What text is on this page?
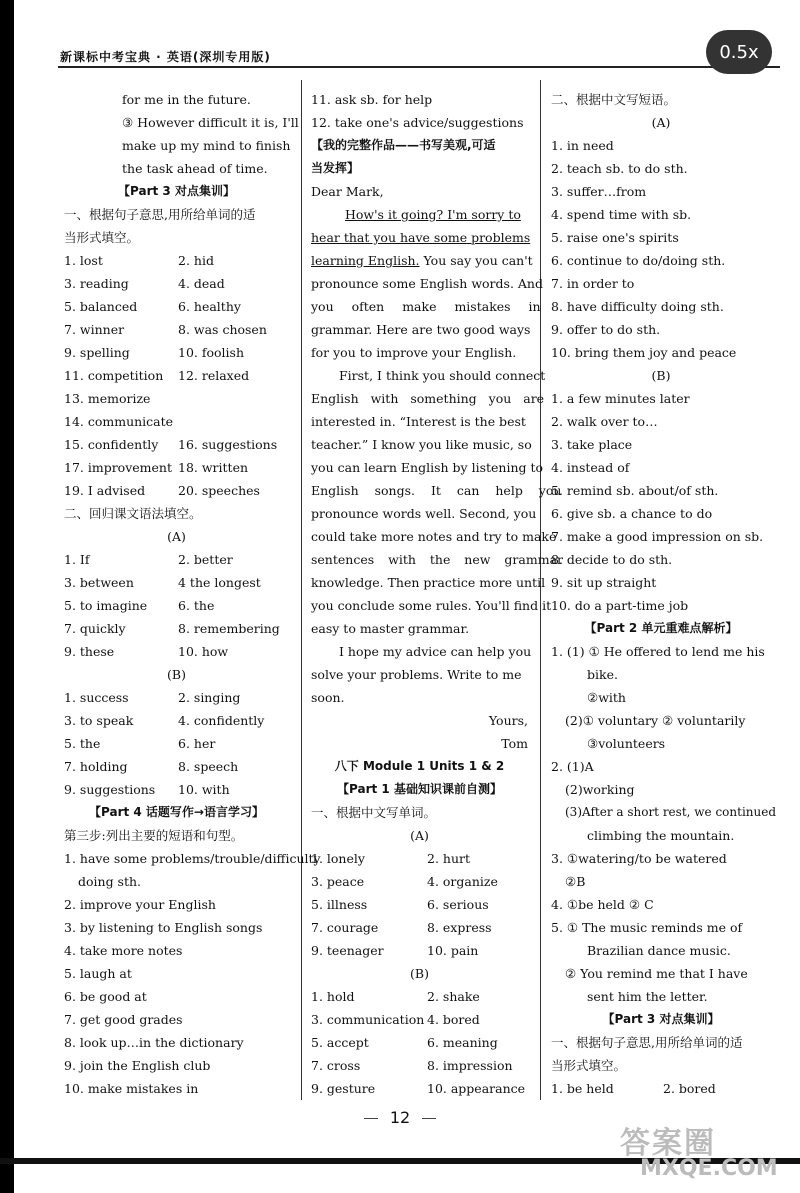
新课标中考宝典 · 英语(深圳专用版)	0.5x
for me in the future.
③ However difficult it is, I'll
make up my mind to finish
the task ahead of time.
【Part 3 对点集训】
一、根据句子意思,用所给单词的适
当形式填空。
1. lost	2. hid
3. reading	4. dead
5. balanced	6. healthy
7. winner	8. was chosen
9. spelling	10. foolish
11. competition	12. relaxed
13. memorize
14. communicate
15. confidently	16. suggestions
17. improvement 18. written
19. I advised	20. speeches
二、回归课文语法填空。
(A)
1. If	2. better
3. between	4 the longest
5. to imagine	6. the
7. quickly	8. remembering
9. these	10. how
(B)
1. success	2. singing
3. to speak	4. confidently
5. the	6. her
7. holding	8. speech
9. suggestions	10. with
【Part 4 话题写作→语言学习】
第三步:列出主要的短语和句型。
1. have some problems/trouble/difficulty
doing sth.
2. improve your English
3. by listening to English songs
4. take more notes
5. laugh at
6. be good at
7. get good grades
8. look up…in the dictionary
9. join the English club
10. make mistakes in
11. ask sb. for help
12. take one's advice/suggestions
【我的完整作品——书写美观,可适
当发挥】
Dear Mark,
How's it going? I'm sorry to
hear that you have some problems
learning English. You say you can't
pronounce some English words. And
you often make mistakes in
grammar. Here are two good ways
for you to improve your English.
First, I think you should connect
English with something you are
interested in. “Interest is the best
teacher.” I know you like music, so
you can learn English by listening to
English songs. It can help you
pronounce words well. Second, you
could take more notes and try to make
sentences with the new grammar
knowledge. Then practice more until
you conclude some rules. You'll find it
easy to master grammar.
I hope my advice can help you
solve your problems. Write to me
soon.
Yours,
Tom
八下 Module 1 Units 1 & 2
【Part 1 基础知识课前自测】
一、根据中文写单词。
(A)
1. lonely	2. hurt
3. peace	4. organize
5. illness	6. serious
7. courage	8. express
9. teenager	10. pain
(B)
1. hold	2. shake
3. communication 4. bored
5. accept	6. meaning
7. cross	8. impression
9. gesture	10. appearance
二、根据中文写短语。
(A)
1. in need
2. teach sb. to do sth.
3. suffer…from
4. spend time with sb.
5. raise one's spirits
6. continue to do/doing sth.
7. in order to
8. have difficulty doing sth.
9. offer to do sth.
10. bring them joy and peace
(B)
1. a few minutes later
2. walk over to…
3. take place
4. instead of
5. remind sb. about/of sth.
6. give sb. a chance to do
7. make a good impression on sb.
8. decide to do sth.
9. sit up straight
10. do a part-time job
【Part 2 单元重难点解析】
1. (1) ① He offered to lend me his
bike.
②with
(2)① voluntary ② voluntarily
③volunteers
2. (1)A
(2)working
(3)After a short rest, we continued
climbing the mountain.
3. ①watering/to be watered
②B
4. ①be held ② C
5. ① The music reminds me of
Brazilian dance music.
② You remind me that I have
sent him the letter.
【Part 3 对点集训】
一、根据句子意思,用所给单词的适
当形式填空。
1. be held	2. bored
12
答案圈
MXQE.COM
